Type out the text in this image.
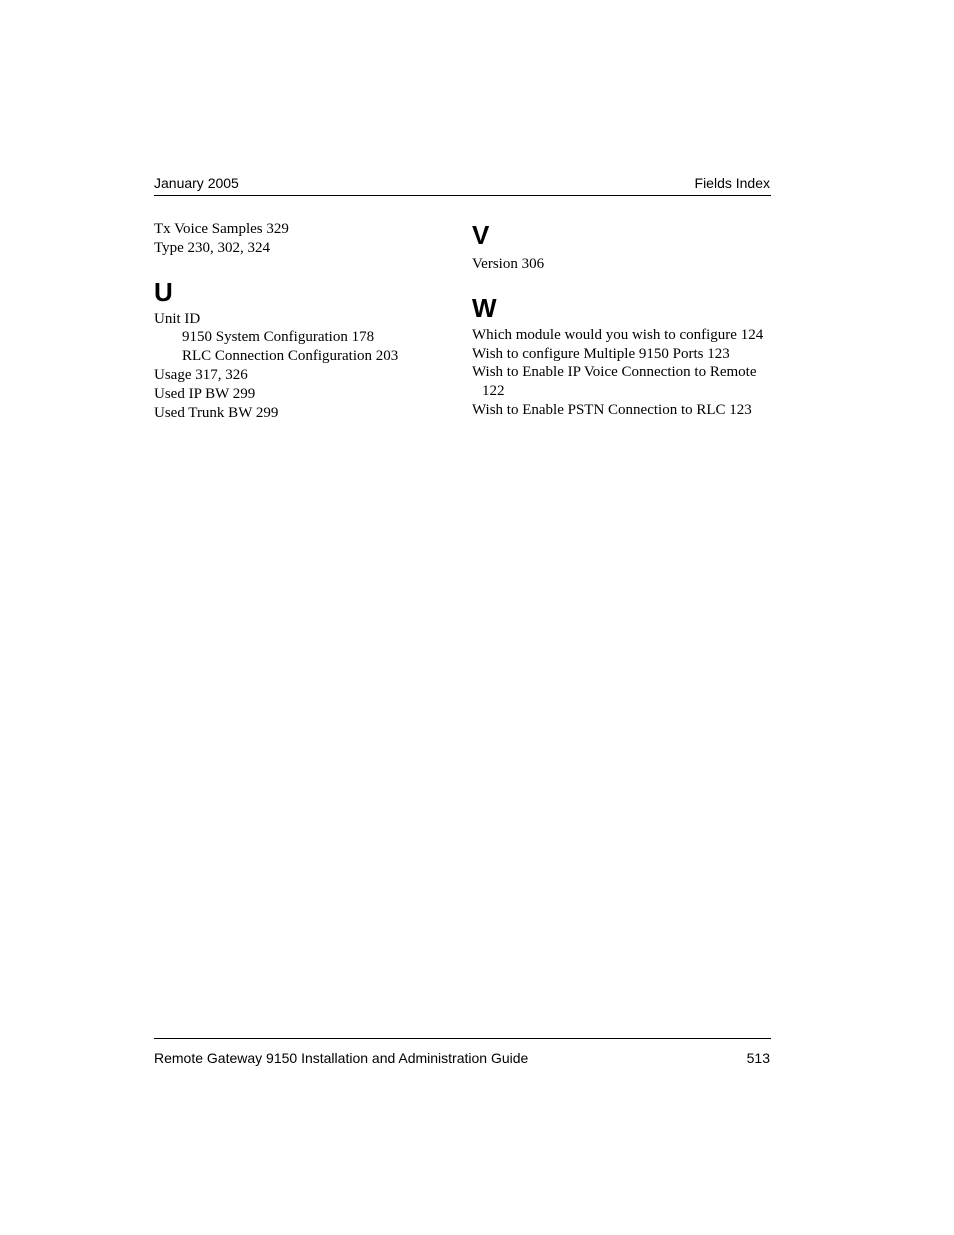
January 2005	Fields Index
Tx Voice Samples 329
Type 230, 302, 324
U
Unit ID
9150 System Configuration 178
RLC Connection Configuration 203
Usage 317, 326
Used IP BW 299
Used Trunk BW 299
V
Version 306
W
Which module would you wish to configure 124
Wish to configure Multiple 9150 Ports 123
Wish to Enable IP Voice Connection to Remote
122
Wish to Enable PSTN Connection to RLC 123
Remote Gateway 9150 Installation and Administration Guide	513
